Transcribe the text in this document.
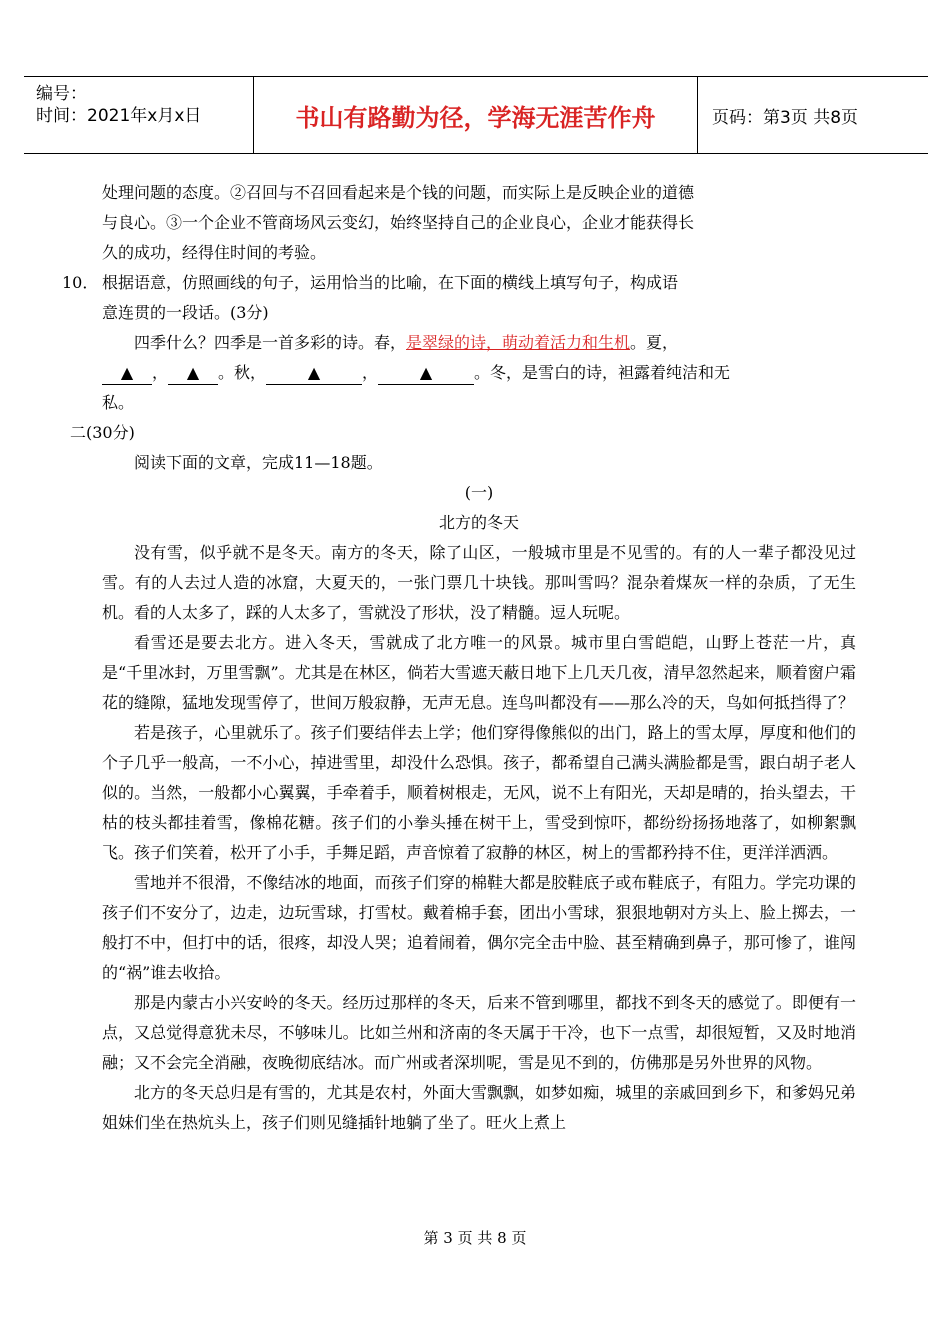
编号：
时间：2021年x月x日	书山有路勤为径，学海无涯苦作舟	页码：第3页 共8页

处理问题的态度。②召回与不召回看起来是个钱的问题，而实际上是反映企业的道德

与良心。③一个企业不管商场风云变幻，始终坚持自己的企业良心，企业才能获得长

久的成功，经得住时间的考验。

10． 根据语意，仿照画线的句子，运用恰当的比喻，在下面的横线上填写句子，构成语

意连贯的一段话。(3分)

四季什么？四季是一首多彩的诗。春，是翠绿的诗，萌动着活力和生机。夏，

▲ ， ▲ 。秋，	▲	，	▲	。冬，是雪白的诗，袒露着纯洁和无

私。

二(30分)

阅读下面的文章，完成11—18题。

(一)

北方的冬天

没有雪，似乎就不是冬天。南方的冬天，除了山区，一般城市里是不见雪的。有的人一辈子都没见过雪。有的人去过人造的冰窟，大夏天的，一张门票几十块钱。那叫雪吗？混杂着煤灰一样的杂质，了无生机。看的人太多了，踩的人太多了，雪就没了形状，没了精髓。逗人玩呢。

看雪还是要去北方。进入冬天，雪就成了北方唯一的风景。城市里白雪皑皑，山野上苍茫一片，真是“千里冰封，万里雪飘”。尤其是在林区，倘若大雪遮天蔽日地下上几天几夜，清早忽然起来，顺着窗户霜花的缝隙，猛地发现雪停了，世间万般寂静，无声无息。连鸟叫都没有——那么冷的天，鸟如何抵挡得了？

若是孩子，心里就乐了。孩子们要结伴去上学；他们穿得像熊似的出门，路上的雪太厚，厚度和他们的个子几乎一般高，一不小心，掉进雪里，却没什么恐惧。孩子，都希望自己满头满脸都是雪，跟白胡子老人似的。当然，一般都小心翼翼，手牵着手，顺着树根走，无风，说不上有阳光，天却是晴的，抬头望去，干枯的枝头都挂着雪，像棉花糖。孩子们的小拳头捶在树干上，雪受到惊吓，都纷纷扬扬地落了，如柳絮飘飞。孩子们笑着，松开了小手，手舞足蹈，声音惊着了寂静的林区，树上的雪都矜持不住，更洋洋洒洒。

雪地并不很滑，不像结冰的地面，而孩子们穿的棉鞋大都是胶鞋底子或布鞋底子，有阻力。学完功课的孩子们不安分了，边走，边玩雪球，打雪杖。戴着棉手套，团出小雪球，狠狠地朝对方头上、脸上掷去，一般打不中，但打中的话，很疼，却没人哭；追着闹着，偶尔完全击中脸、甚至精确到鼻子，那可惨了，谁闯的“祸”谁去收拾。

那是内蒙古小兴安岭的冬天。经历过那样的冬天，后来不管到哪里，都找不到冬天的感觉了。即便有一点，又总觉得意犹未尽，不够味儿。比如兰州和济南的冬天属于干冷，也下一点雪，却很短暂，又及时地消融；又不会完全消融，夜晚彻底结冰。而广州或者深圳呢，雪是见不到的，仿佛那是另外世界的风物。

北方的冬天总归是有雪的，尤其是农村，外面大雪飘飘，如梦如痴，城里的亲戚回到乡下，和爹妈兄弟姐妹们坐在热炕头上，孩子们则见缝插针地躺了坐了。旺火上煮上

第 3 页 共 8 页
